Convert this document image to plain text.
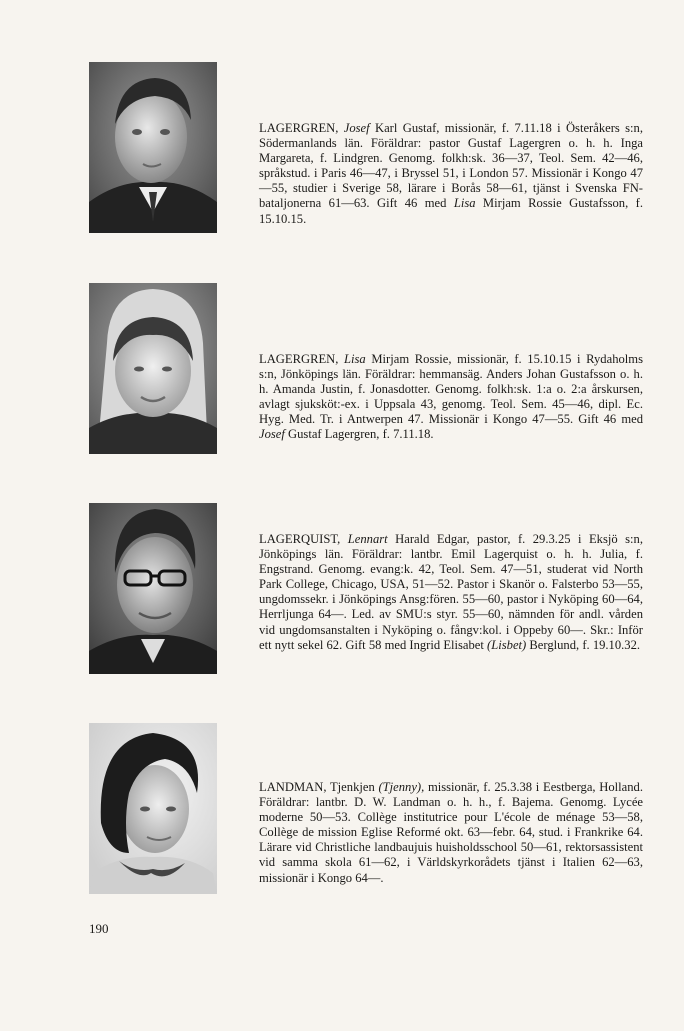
LAGERGREN, Josef Karl Gustaf, missionär, f. 7.11.18 i Österåkers s:n, Södermanlands län. Föräldrar: pastor Gustaf Lagergren o. h. h. Inga Margareta, f. Lindgren. Genomg. folkh:sk. 36—37, Teol. Sem. 42—46, språkstud. i Paris 46—47, i Bryssel 51, i London 57. Missionär i Kongo 47—55, studier i Sverige 58, lärare i Borås 58—61, tjänst i Svenska FN-bataljonerna 61—63. Gift 46 med Lisa Mirjam Rossie Gustafsson, f. 15.10.15.
LAGERGREN, Lisa Mirjam Rossie, missionär, f. 15.10.15 i Rydaholms s:n, Jönköpings län. Föräldrar: hemmansäg. Anders Johan Gustafsson o. h. h. Amanda Justin, f. Jonasdotter. Genomg. folkh:sk. 1:a o. 2:a årskursen, avlagt sjuksköt:-ex. i Uppsala 43, genomg. Teol. Sem. 45—46, dipl. Ec. Hyg. Med. Tr. i Antwerpen 47. Missionär i Kongo 47—55. Gift 46 med Josef Gustaf Lagergren, f. 7.11.18.
LAGERQUIST, Lennart Harald Edgar, pastor, f. 29.3.25 i Eksjö s:n, Jönköpings län. Föräldrar: lantbr. Emil Lagerquist o. h. h. Julia, f. Engstrand. Genomg. evang:k. 42, Teol. Sem. 47—51, studerat vid North Park College, Chicago, USA, 51—52. Pastor i Skanör o. Falsterbo 53—55, ungdomssekr. i Jönköpings Ansg:fören. 55—60, pastor i Nyköping 60—64, Herrljunga 64—. Led. av SMU:s styr. 55—60, nämnden för andl. vården vid ungdomsanstalten i Nyköping o. fångv:kol. i Oppeby 60—. Skr.: Inför ett nytt sekel 62. Gift 58 med Ingrid Elisabet (Lisbet) Berglund, f. 19.10.32.
LANDMAN, Tjenkjen (Tjenny), missionär, f. 25.3.38 i Eestberga, Holland. Föräldrar: lantbr. D. W. Landman o. h. h., f. Bajema. Genomg. Lycée moderne 50—53. Collège institutrice pour L'école de ménage 53—58, Collège de mission Eglise Reformé okt. 63—febr. 64, stud. i Frankrike 64. Lärare vid Christliche landbaujuis huisholdsschool 50—61, rektorsassistent vid samma skola 61—62, i Världskyrkorådets tjänst i Italien 62—63, missionär i Kongo 64—.
190
